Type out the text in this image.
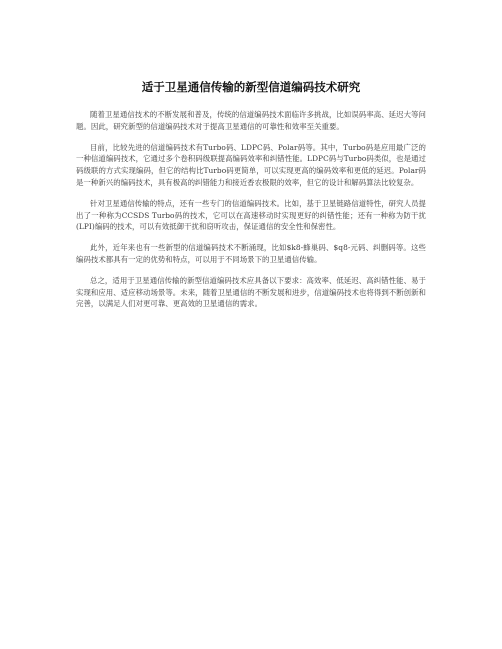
适于卫星通信传输的新型信道编码技术研究

随着卫星通信技术的不断发展和普及，传统的信道编码技术面临许多挑战，比如误码率高、延迟大等问题。因此，研究新型的信道编码技术对于提高卫星通信的可靠性和效率至关重要。

目前，比较先进的信道编码技术有Turbo码、LDPC码、Polar码等。其中，Turbo码是应用最广泛的一种信道编码技术，它通过多个卷积码级联提高编码效率和纠错性能。LDPC码与Turbo码类似，也是通过码级联的方式实现编码，但它的结构比Turbo码更简单，可以实现更高的编码效率和更低的延迟。Polar码是一种新兴的编码技术，具有极高的纠错能力和接近香农极限的效率，但它的设计和解码算法比较复杂。

针对卫星通信传输的特点，还有一些专门的信道编码技术。比如，基于卫星链路信道特性，研究人员提出了一种称为CCSDS Turbo码的技术，它可以在高速移动时实现更好的纠错性能；还有一种称为防干扰(LPI)编码的技术，可以有效抵御干扰和窃听攻击，保证通信的安全性和保密性。

此外，近年来也有一些新型的信道编码技术不断涌现，比如$k8-蜂巢码、$q8-元码、纠删码等。这些编码技术都具有一定的优势和特点，可以用于不同场景下的卫星通信传输。

总之，适用于卫星通信传输的新型信道编码技术应具备以下要求：高效率、低延迟、高纠错性能、易于实现和应用、适应移动场景等。未来，随着卫星通信的不断发展和进步，信道编码技术也将得到不断创新和完善，以满足人们对更可靠、更高效的卫星通信的需求。
